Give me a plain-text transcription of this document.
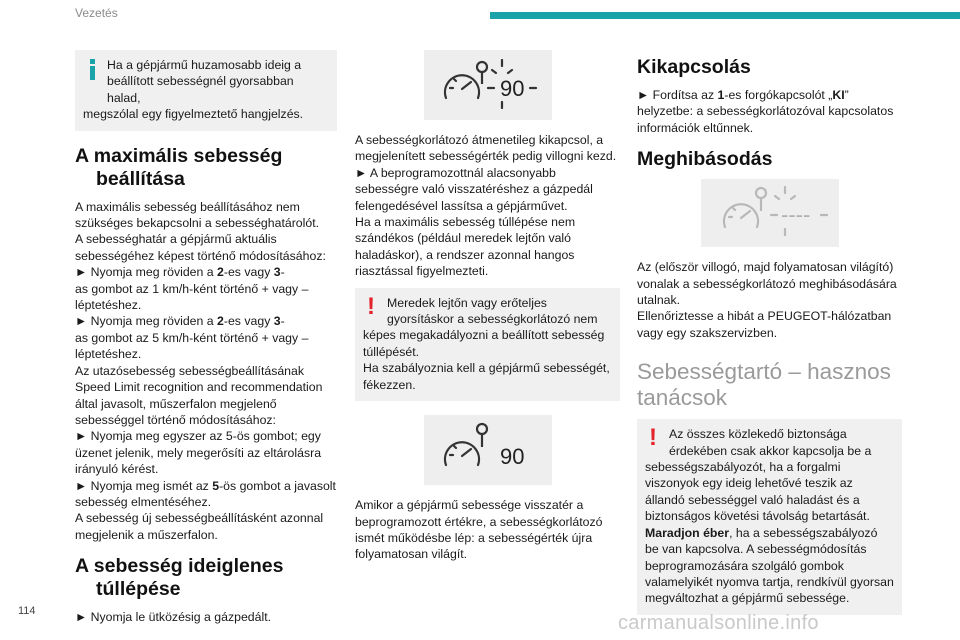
Vezetés

Ha a gépjármű huzamosabb ideig a beállított sebességnél gyorsabban halad,

megszólal egy figyelmeztető hangjelzés.

A maximális sebesség
beállítása

A maximális sebesség beállításához nem szükséges bekapcsolni a sebességhatárolót.

A sebességhatár a gépjármű aktuális sebességéhez képest történő módosításához:

► Nyomja meg röviden a 2-es vagy 3-
as gombot az 1 km/h-ként történő + vagy – léptetéshez.

► Nyomja meg röviden a 2-es vagy 3-
as gombot az 5 km/h-ként történő + vagy – léptetéshez.

Az utazósebesség sebességbeállításának Speed Limit recognition and recommendation által javasolt, műszerfalon megjelenő sebességgel történő módosításához:

► Nyomja meg egyszer az 5-ös gombot; egy üzenet jelenik, mely megerősíti az eltárolásra irányuló kérést.

► Nyomja meg ismét az 5-ös gombot a javasolt sebesség elmentéséhez.

A sebesség új sebességbeállításként azonnal megjelenik a műszerfalon.

A sebesség ideiglenes
túllépése

► Nyomja le ütközésig a gázpedált.

90

A sebességkorlátozó átmenetileg kikapcsol, a megjelenített sebességérték pedig villogni kezd.

► A beprogramozottnál alacsonyabb sebességre való visszatéréshez a gázpedál felengedésével lassítsa a gépjárművet.

Ha a maximális sebesség túllépése nem szándékos (például meredek lejtőn való haladáskor), a rendszer azonnal hangos riasztással figyelmezteti.

! Meredek lejtőn vagy erőteljes gyorsításkor a sebességkorlátozó nem

képes megakadályozni a beállított sebesség túllépését.

Ha szabályoznia kell a gépjármű sebességét, fékezzen.

90

Amikor a gépjármű sebessége visszatér a beprogramozott értékre, a sebességkorlátozó ismét működésbe lép: a sebességérték újra folyamatosan világít.

Kikapcsolás

► Fordítsa az 1-es forgókapcsolót „KI” helyzetbe: a sebességkorlátozóval kapcsolatos információk eltűnnek.

Meghibásodás
----

Az (először villogó, majd folyamatosan világító) vonalak a sebességkorlátozó meghibásodására utalnak.

Ellenőriztesse a hibát a PEUGEOT-hálózatban vagy egy szakszervizben.

Sebességtartó – hasznos
tanácsok

! Az összes közlekedő biztonsága érdekében csak akkor kapcsolja be a

sebességszabályozót, ha a forgalmi viszonyok egy ideig lehetővé teszik az állandó sebességgel való haladást és a biztonságos követési távolság betartását.

Maradjon éber, ha a sebességszabályozó be van kapcsolva. A sebességmódosítás beprogramozására szolgáló gombok valamelyikét nyomva tartja, rendkívül gyorsan megváltozhat a gépjármű sebessége.

114
carmanualsonline.info
